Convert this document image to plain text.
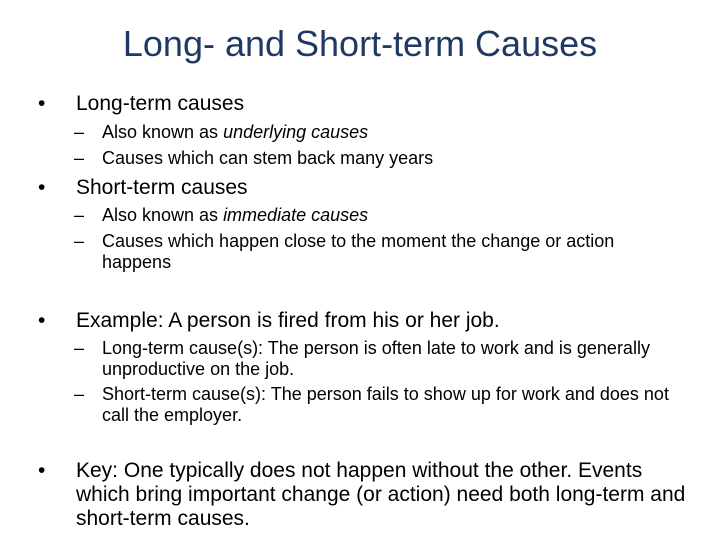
Long- and Short-term Causes
•	Long-term causes
– Also known as underlying causes
– Causes which can stem back many years
•	Short-term causes
– Also known as immediate causes
– Causes which happen close to the moment the change or action happens
•	Example: A person is fired from his or her job.
– Long-term cause(s): The person is often late to work and is generally unproductive on the job.
– Short-term cause(s): The person fails to show up for work and does not call the employer.
•	Key: One typically does not happen without the other. Events which bring important change (or action) need both long-term and short-term causes.
